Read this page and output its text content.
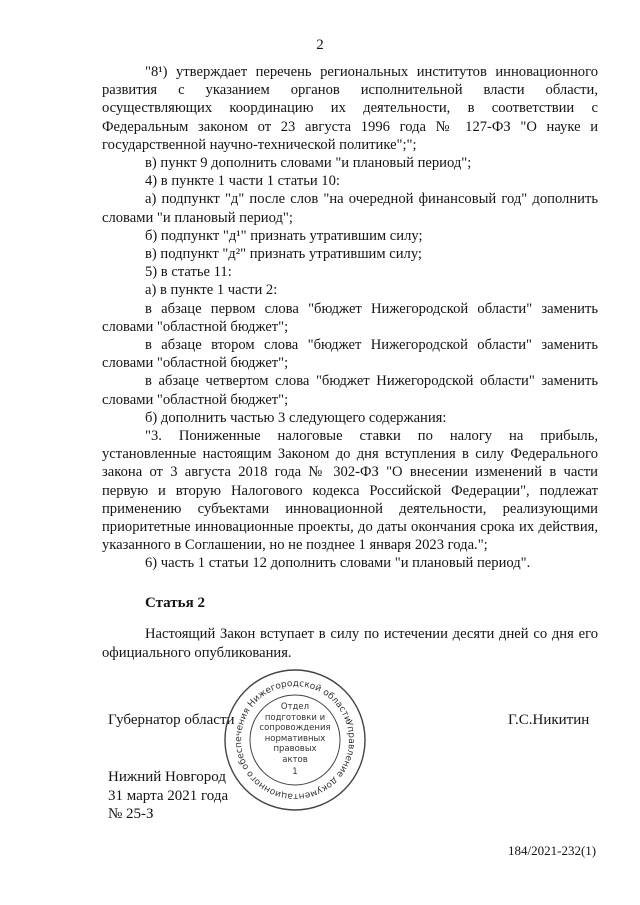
2

"8¹) утверждает перечень региональных институтов инновационного развития с указанием органов исполнительной власти области, осуществляющих координацию их деятельности, в соответствии с Федеральным законом от 23 августа 1996 года № 127-ФЗ "О науке и государственной научно-технической политике";";

в) пункт 9 дополнить словами "и плановый период";

4) в пункте 1 части 1 статьи 10:

а) подпункт "д" после слов "на очередной финансовый год" дополнить словами "и плановый период";

б) подпункт "д¹" признать утратившим силу;

в) подпункт "д²" признать утратившим силу;

5) в статье 11:

а) в пункте 1 части 2:

в абзаце первом слова "бюджет Нижегородской области" заменить словами "областной бюджет";

в абзаце втором слова "бюджет Нижегородской области" заменить словами "областной бюджет";

в абзаце четвертом слова "бюджет Нижегородской области" заменить словами "областной бюджет";

б) дополнить частью 3 следующего содержания:

"3. Пониженные налоговые ставки по налогу на прибыль, установленные настоящим Законом до дня вступления в силу Федерального закона от 3 августа 2018 года № 302-ФЗ "О внесении изменений в части первую и вторую Налогового кодекса Российской Федерации", подлежат применению субъектами инновационной деятельности, реализующими приоритетные инновационные проекты, до даты окончания срока их действия, указанного в Соглашении, но не позднее 1 января 2023 года.";

6) часть 1 статьи 12 дополнить словами "и плановый период".

Статья 2

Настоящий Закон вступает в силу по истечении десяти дней со дня его официального опубликования.

Губернатор области	Г.С.Никитин
Нижний Новгород
31 марта 2021 года
№ 25-З
Управление документационного обеспечения Нижегородской области
Отдел
подготовки и
сопровождения
нормативных
правовых
актов
1
184/2021-232(1)
